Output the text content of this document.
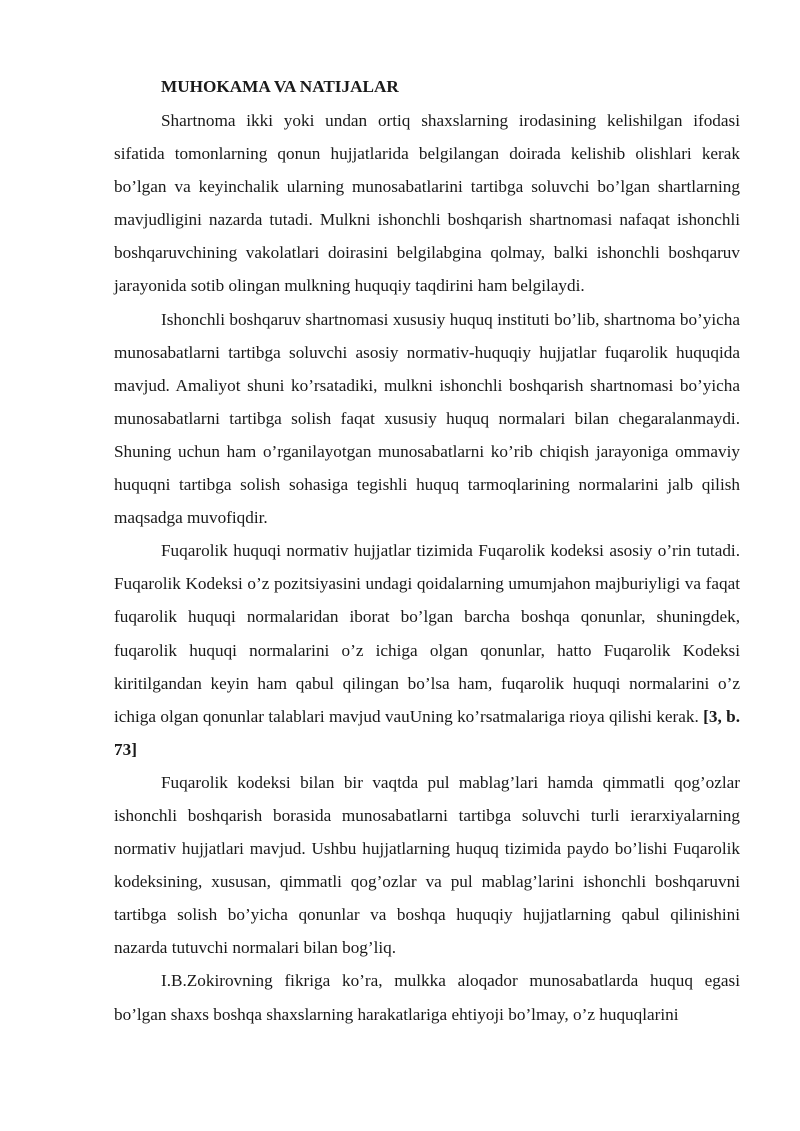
MUHOKAMA VA NATIJALAR

Shartnoma ikki yoki undan ortiq shaxslarning irodasining kelishilgan ifodasi sifatida tomonlarning qonun hujjatlarida belgilangan doirada kelishib olishlari kerak bo’lgan va keyinchalik ularning munosabatlarini tartibga soluvchi bo’lgan shartlarning mavjudligini nazarda tutadi. Mulkni ishonchli boshqarish shartnomasi nafaqat ishonchli boshqaruvchining vakolatlari doirasini belgilabgina qolmay, balki ishonchli boshqaruv jarayonida sotib olingan mulkning huquqiy taqdirini ham belgilaydi.

Ishonchli boshqaruv shartnomasi xususiy huquq instituti bo’lib, shartnoma bo’yicha munosabatlarni tartibga soluvchi asosiy normativ-huquqiy hujjatlar fuqarolik huquqida mavjud. Amaliyot shuni ko’rsatadiki, mulkni ishonchli boshqarish shartnomasi bo’yicha munosabatlarni tartibga solish faqat xususiy huquq normalari bilan chegaralanmaydi. Shuning uchun ham o’rganilayotgan munosabatlarni ko’rib chiqish jarayoniga ommaviy huquqni tartibga solish sohasiga tegishli huquq tarmoqlarining normalarini jalb qilish maqsadga muvofiqdir.

Fuqarolik huquqi normativ hujjatlar tizimida Fuqarolik kodeksi asosiy o’rin tutadi. Fuqarolik Kodeksi o’z pozitsiyasini undagi qoidalarning umumjahon majburiyligi va faqat fuqarolik huquqi normalaridan iborat bo’lgan barcha boshqa qonunlar, shuningdek, fuqarolik huquqi normalarini o’z ichiga olgan qonunlar, hatto Fuqarolik Kodeksi kiritilgandan keyin ham qabul qilingan bo’lsa ham, fuqarolik huquqi normalarini o’z ichiga olgan qonunlar talablari mavjud vauUning ko’rsatmalariga rioya qilishi kerak. [3, b. 73]

Fuqarolik kodeksi bilan bir vaqtda pul mablag’lari hamda qimmatli qog’ozlar ishonchli boshqarish borasida munosabatlarni tartibga soluvchi turli ierarxiyalarning normativ hujjatlari mavjud. Ushbu hujjatlarning huquq tizimida paydo bo’lishi Fuqarolik kodeksining, xususan, qimmatli qog’ozlar va pul mablag’larini ishonchli boshqaruvni tartibga solish bo’yicha qonunlar va boshqa huquqiy hujjatlarning qabul qilinishini nazarda tutuvchi normalari bilan bog’liq.

I.B.Zokirovning fikriga ko’ra, mulkka aloqador munosabatlarda huquq egasi bo’lgan shaxs boshqa shaxslarning harakatlariga ehtiyoji bo’lmay, o’z huquqlarini
